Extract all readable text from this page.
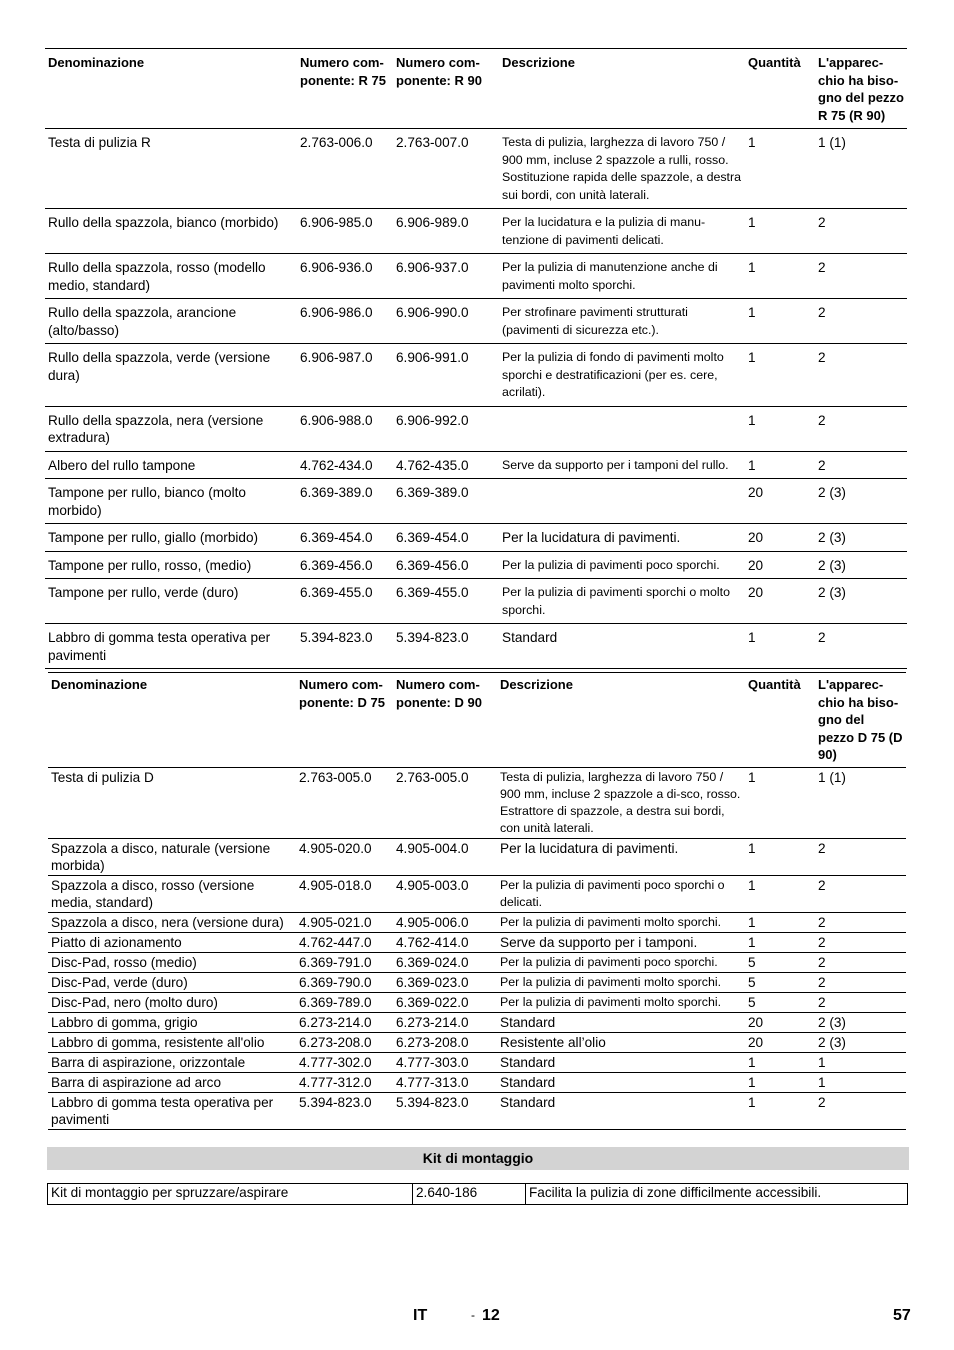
Denominazione	Numero com-ponente: R 75	Numero com-ponente: R 90	Descrizione	Quantità	L'apparec-chio ha biso-gno del pezzo R 75 (R 90)
Testa di pulizia R	2.763-006.0	2.763-007.0	Testa di pulizia, larghezza di lavoro 750 / 900 mm, incluse 2 spazzole a rulli, rosso. Sostituzione rapida delle spazzole, a destra sui bordi, con unità laterali.	1	1 (1)
Rullo della spazzola, bianco (morbido)	6.906-985.0	6.906-989.0	Per la lucidatura e la pulizia di manu-tenzione di pavimenti delicati.	1	2
Rullo della spazzola, rosso (modello medio, standard)	6.906-936.0	6.906-937.0	Per la pulizia di manutenzione anche di pavimenti molto sporchi.	1	2
Rullo della spazzola, arancione (alto/basso)	6.906-986.0	6.906-990.0	Per strofinare pavimenti strutturati (pavimenti di sicurezza etc.).	1	2
Rullo della spazzola, verde (versione dura)	6.906-987.0	6.906-991.0	Per la pulizia di fondo di pavimenti molto sporchi e destratificazioni (per es. cere, acrilati).	1	2
Rullo della spazzola, nera (versione extradura)	6.906-988.0	6.906-992.0		1	2
Albero del rullo tampone	4.762-434.0	4.762-435.0	Serve da supporto per i tamponi del rullo.	1	2
Tampone per rullo, bianco (molto morbido)	6.369-389.0	6.369-389.0		20	2 (3)
Tampone per rullo, giallo (morbido)	6.369-454.0	6.369-454.0	Per la lucidatura di pavimenti.	20	2 (3)
Tampone per rullo, rosso, (medio)	6.369-456.0	6.369-456.0	Per la pulizia di pavimenti poco sporchi.	20	2 (3)
Tampone per rullo, verde (duro)	6.369-455.0	6.369-455.0	Per la pulizia di pavimenti sporchi o molto sporchi.	20	2 (3)
Labbro di gomma testa operativa per pavimenti	5.394-823.0	5.394-823.0	Standard	1	2
Denominazione	Numero com-ponente: D 75	Numero com-ponente: D 90	Descrizione	Quantità	L'apparec-chio ha biso-gno del pezzo D 75 (D 90)
Testa di pulizia D	2.763-005.0	2.763-005.0	Testa di pulizia, larghezza di lavoro 750 / 900 mm, incluse 2 spazzole a di-sco, rosso. Estrattore di spazzole, a destra sui bordi, con unità laterali.	1	1 (1)
Spazzola a disco, naturale (versione morbida)	4.905-020.0	4.905-004.0	Per la lucidatura di pavimenti.	1	2
Spazzola a disco, rosso (versione media, standard)	4.905-018.0	4.905-003.0	Per la pulizia di pavimenti poco sporchi o delicati.	1	2
Spazzola a disco, nera (versione dura)	4.905-021.0	4.905-006.0	Per la pulizia di pavimenti molto sporchi.	1	2
Piatto di azionamento	4.762-447.0	4.762-414.0	Serve da supporto per i tamponi.	1	2
Disc-Pad, rosso (medio)	6.369-791.0	6.369-024.0	Per la pulizia di pavimenti poco sporchi.	5	2
Disc-Pad, verde (duro)	6.369-790.0	6.369-023.0	Per la pulizia di pavimenti molto sporchi.	5	2
Disc-Pad, nero (molto duro)	6.369-789.0	6.369-022.0	Per la pulizia di pavimenti molto sporchi.	5	2
Labbro di gomma, grigio	6.273-214.0	6.273-214.0	Standard	20	2 (3)
Labbro di gomma, resistente all'olio	6.273-208.0	6.273-208.0	Resistente all’olio	20	2 (3)
Barra di aspirazione, orizzontale	4.777-302.0	4.777-303.0	Standard	1	1
Barra di aspirazione ad arco	4.777-312.0	4.777-313.0	Standard	1	1
Labbro di gomma testa operativa per pavimenti	5.394-823.0	5.394-823.0	Standard	1	2
Kit di montaggio
Kit di montaggio per spruzzare/aspirare	2.640-186	Facilita la pulizia di zone difficilmente accessibili.
IT	- 12	57
